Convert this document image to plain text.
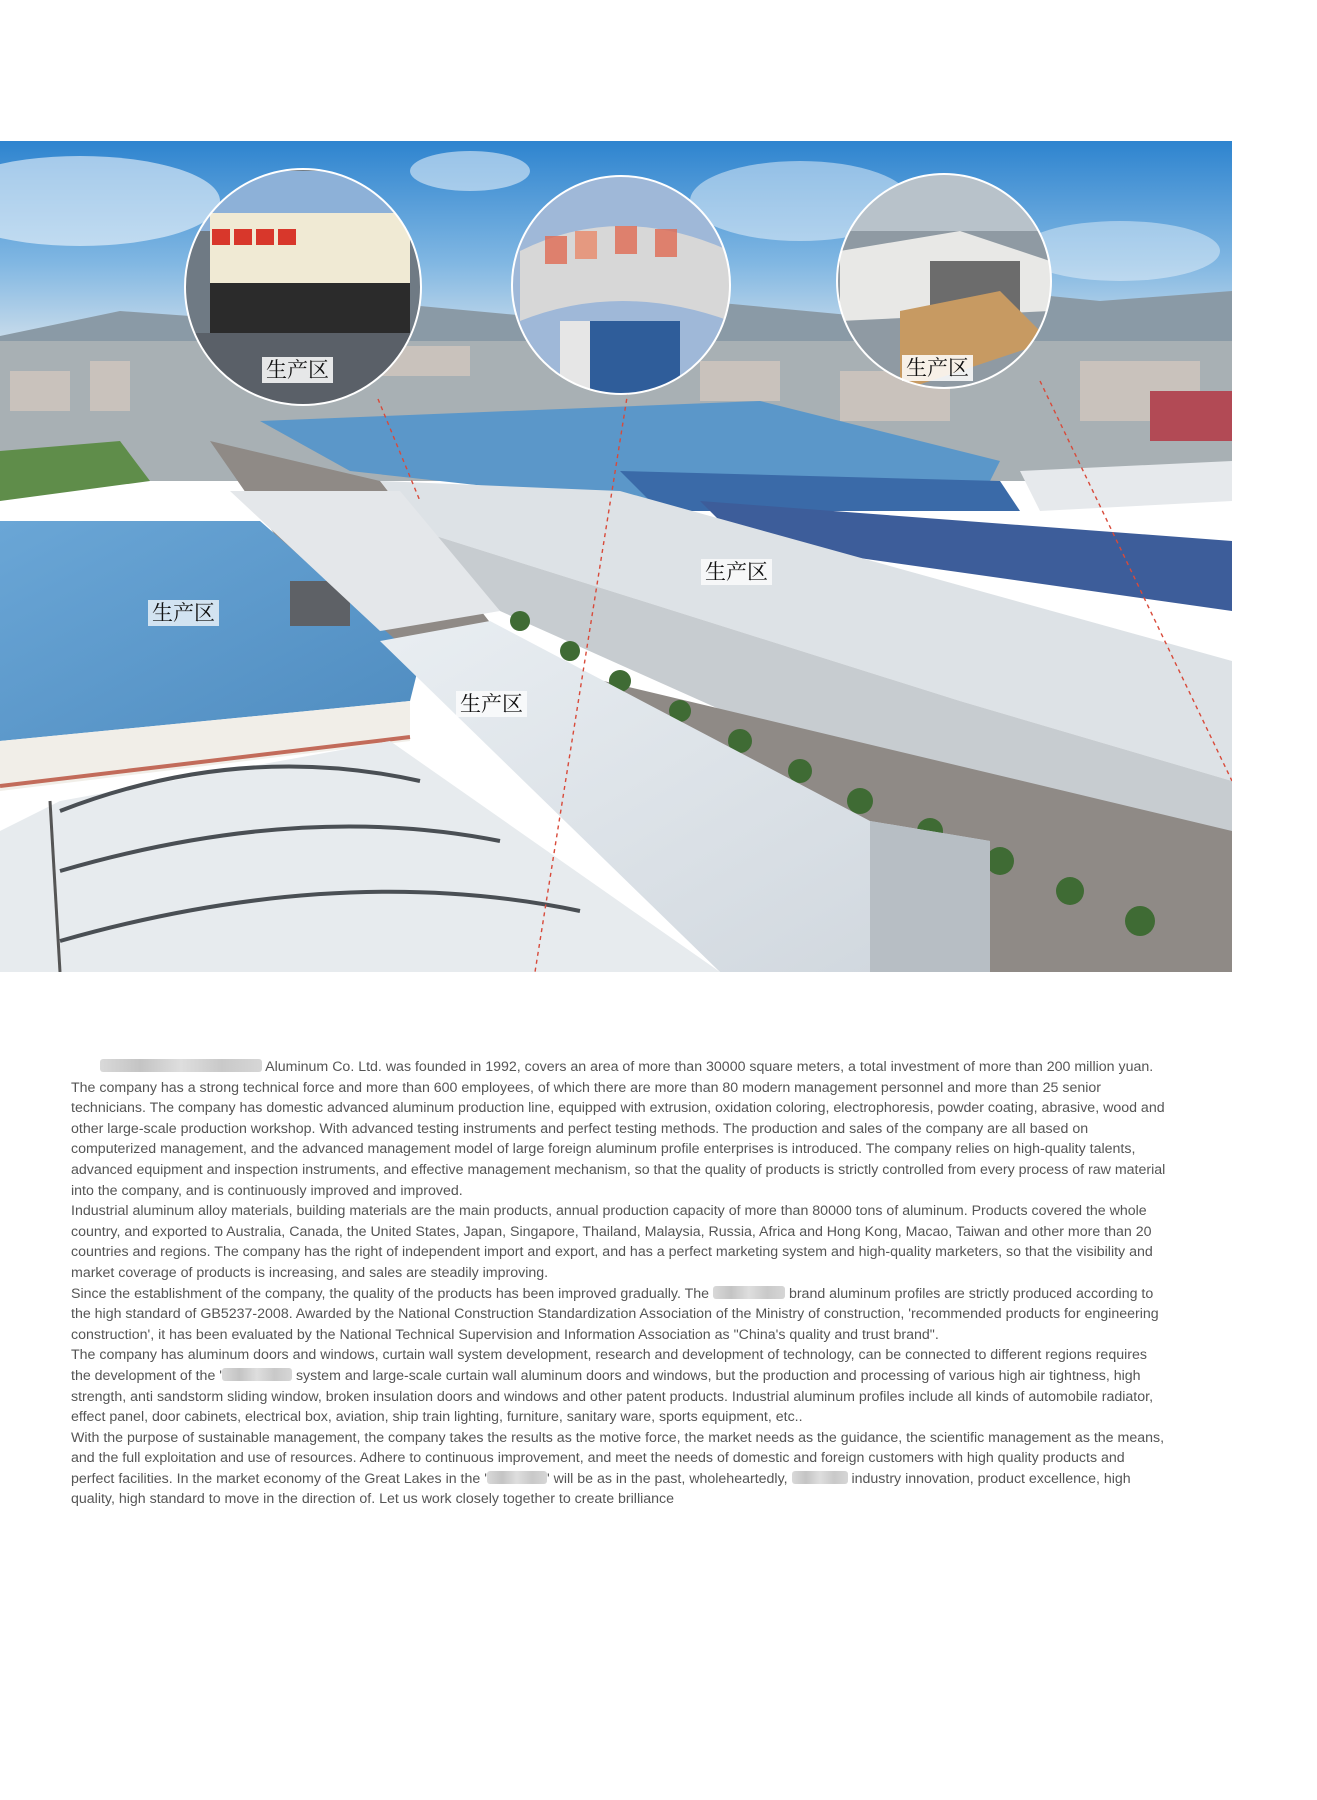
生产区	生产区
生产区
生产区
生产区

Aluminum Co. Ltd. was founded in 1992, covers an area of more than 30000 square meters, a total investment of more than 200 million yuan. The company has a strong technical force and more than 600 employees, of which there are more than 80 modern management personnel and more than 25 senior technicians. The company has domestic advanced aluminum production line, equipped with extrusion, oxidation coloring, electrophoresis, powder coating, abrasive, wood and other large-scale production workshop. With advanced testing instruments and perfect testing methods. The production and sales of the company are all based on computerized management, and the advanced management model of large foreign aluminum profile enterprises is introduced. The company relies on high-quality talents, advanced equipment and inspection instruments, and effective management mechanism, so that the quality of products is strictly controlled from every process of raw material into the company, and is continuously improved and improved.

Industrial aluminum alloy materials, building materials are the main products, annual production capacity of more than 80000 tons of aluminum. Products covered the whole country, and exported to Australia, Canada, the United States, Japan, Singapore, Thailand, Malaysia, Russia, Africa and Hong Kong, Macao, Taiwan and other more than 20 countries and regions. The company has the right of independent import and export, and has a perfect marketing system and high-quality marketers, so that the visibility and market coverage of products is increasing, and sales are steadily improving.

Since the establishment of the company, the quality of the products has been improved gradually. The	brand aluminum profiles are strictly produced according to the high standard of GB5237-2008. Awarded by the National Construction Standardization Association of the Ministry of construction, 'recommended products for engineering construction', it has been evaluated by the National Technical Supervision and Information Association as "China's quality and trust brand".

The company has aluminum doors and windows, curtain wall system development, research and development of technology, can be connected to different regions requires the development of the '	system and large-scale curtain wall aluminum doors and windows, but the production and processing of various high air tightness, high strength, anti sandstorm sliding window, broken insulation doors and windows and other patent products. Industrial aluminum profiles include all kinds of automobile radiator, effect panel, door cabinets, electrical box, aviation, ship train lighting, furniture, sanitary ware, sports equipment, etc..

With the purpose of sustainable management, the company takes the results as the motive force, the market needs as the guidance, the scientific management as the means, and the full exploitation and use of resources. Adhere to continuous improvement, and meet the needs of domestic and foreign customers with high quality products and perfect facilities. In the market economy of the Great Lakes in the '	' will be as in the past, wholeheartedly,	industry innovation, product excellence, high quality, high standard to move in the direction of. Let us work closely together to create brilliance
